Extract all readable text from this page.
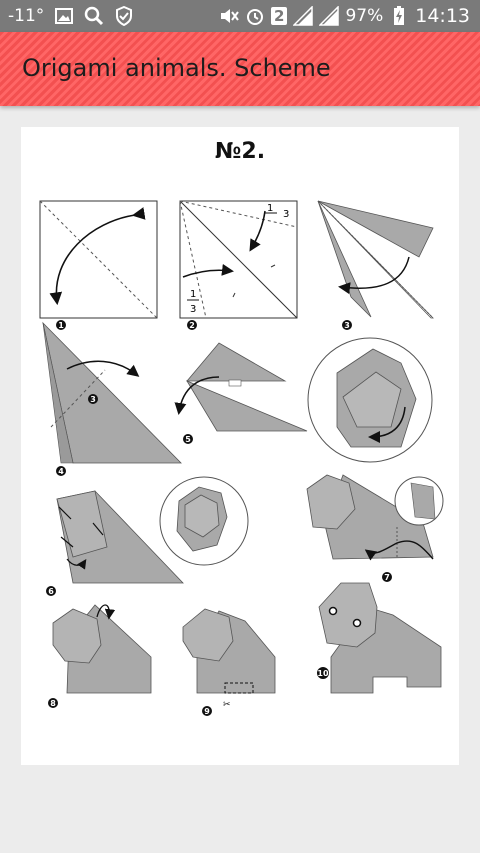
-11°	2	97% 14:13
Origami animals. Scheme
№2.
1
3
1
3
✂
1	2	3
3
4
5
6
7
8
9
10
